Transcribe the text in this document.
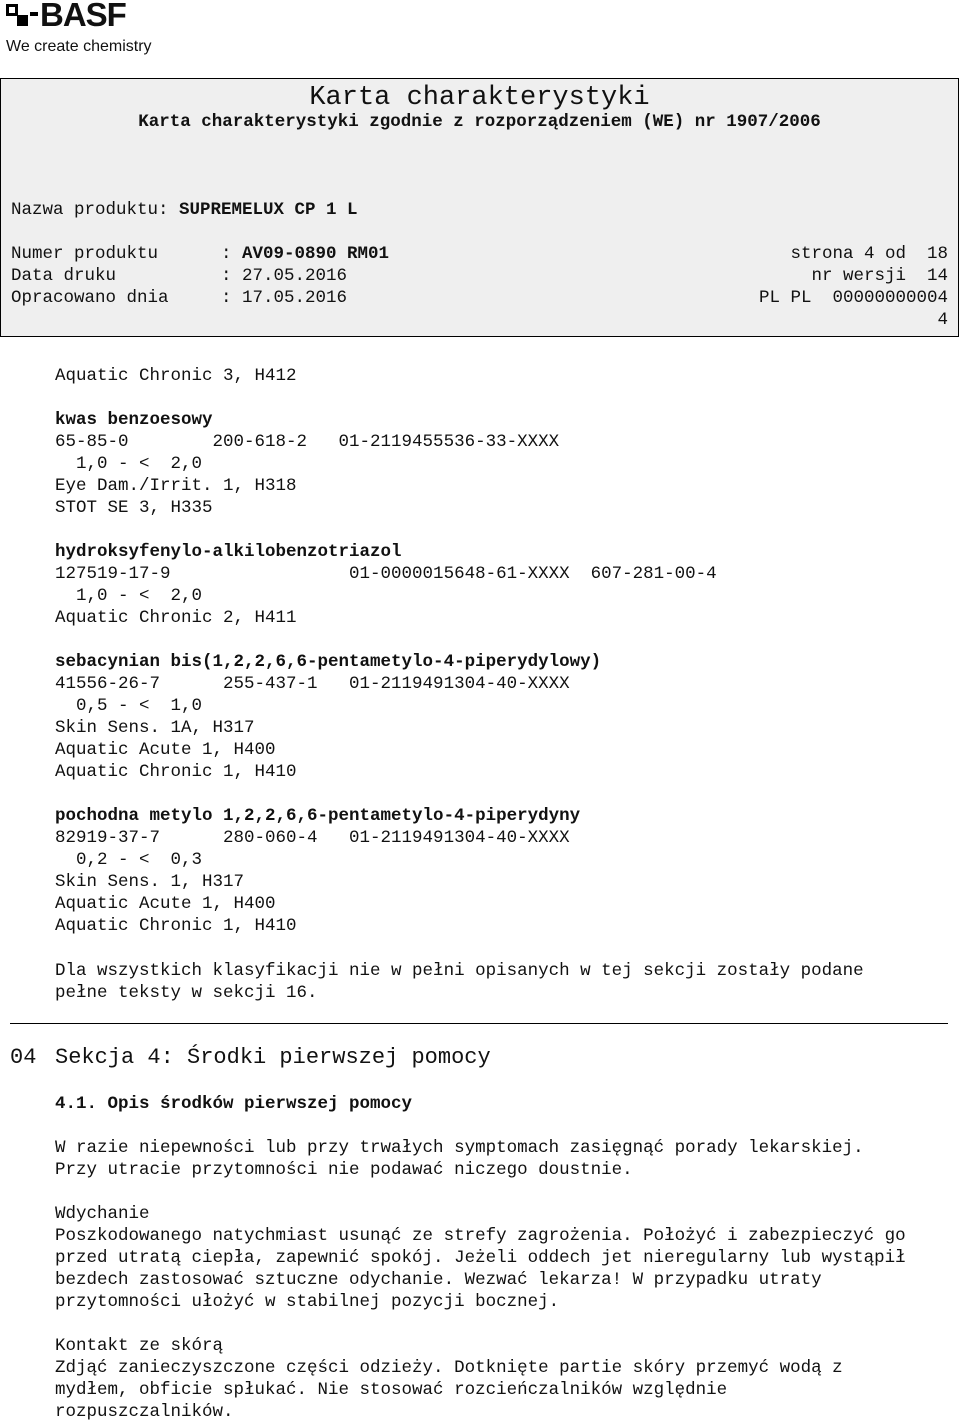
BASF
We create chemistry
Karta charakterystyki
Karta charakterystyki zgodnie z rozporządzeniem (WE) nr 1907/2006
Nazwa produktu: SUPREMELUX CP 1 L
Numer produktu	: AV09-0890 RM01
Data druku	: 27.05.2016
Opracowano dnia	: 17.05.2016
strona 4 od  18
nr wersji  14
PL PL  00000000004
4
Aquatic Chronic 3, H412
kwas benzoesowy
65-85-0        200-618-2   01-2119455536-33-XXXX
1,0 - <  2,0
Eye Dam./Irrit. 1, H318
STOT SE 3, H335
hydroksyfenylo-alkilobenzotriazol
127519-17-9                 01-0000015648-61-XXXX  607-281-00-4
1,0 - <  2,0
Aquatic Chronic 2, H411
sebacynian bis(1,2,2,6,6-pentametylo-4-piperydylowy)
41556-26-7      255-437-1   01-2119491304-40-XXXX
0,5 - <  1,0
Skin Sens. 1A, H317
Aquatic Acute 1, H400
Aquatic Chronic 1, H410
pochodna metylo 1,2,2,6,6-pentametylo-4-piperydyny
82919-37-7      280-060-4   01-2119491304-40-XXXX
0,2 - <  0,3
Skin Sens. 1, H317
Aquatic Acute 1, H400
Aquatic Chronic 1, H410
Dla wszystkich klasyfikacji nie w pełni opisanych w tej sekcji zostały podane
pełne teksty w sekcji 16.
04 Sekcja 4: Środki pierwszej pomocy
4.1. Opis środków pierwszej pomocy
W razie niepewności lub przy trwałych symptomach zasięgnąć porady lekarskiej.
Przy utracie przytomności nie podawać niczego doustnie.
Wdychanie
Poszkodowanego natychmiast usunąć ze strefy zagrożenia. Położyć i zabezpieczyć go
przed utratą ciepła, zapewnić spokój. Jeżeli oddech jet nieregularny lub wystąpił
bezdech zastosować sztuczne odychanie. Wezwać lekarza! W przypadku utraty
przytomności ułożyć w stabilnej pozycji bocznej.
Kontakt ze skórą
Zdjąć zanieczyszczone części odzieży. Dotknięte partie skóry przemyć wodą z
mydłem, obficie spłukać. Nie stosować rozcieńczalników względnie
rozpuszczalników.
